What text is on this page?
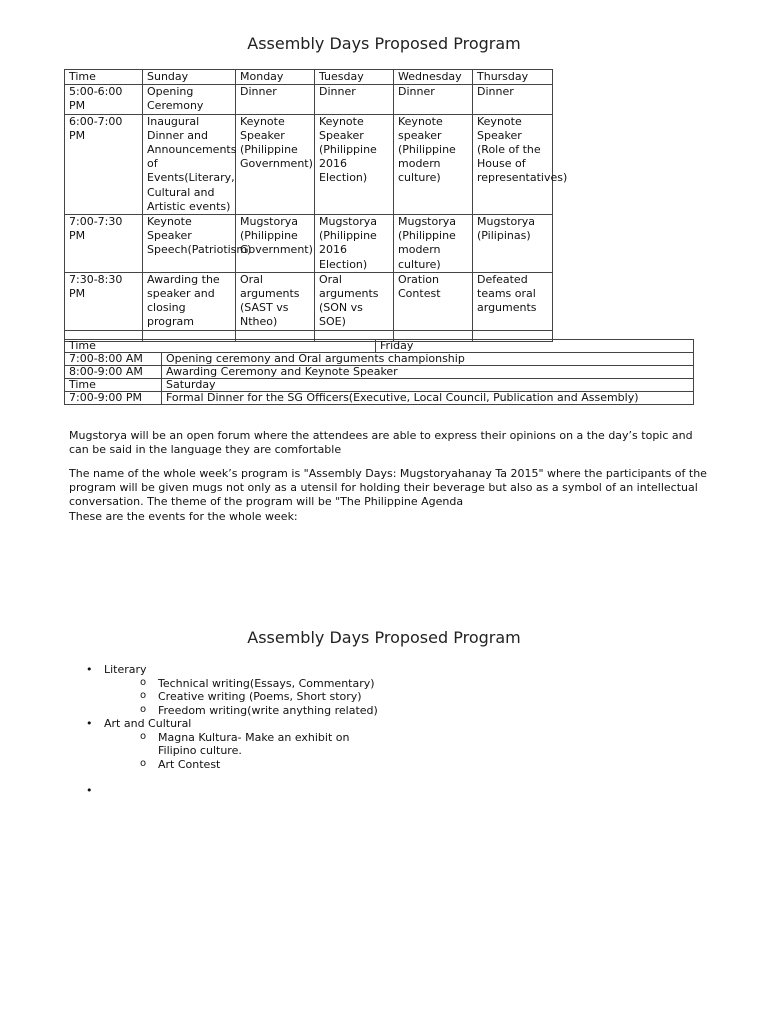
Assembly Days Proposed Program
Time	Sunday	Monday	Tuesday	Wednesday	Thursday
5:00-6:00 PM	Opening Ceremony	Dinner	Dinner	Dinner	Dinner
6:00-7:00 PM	Inaugural Dinner and Announcements of Events(Literary, Cultural and Artistic events)	Keynote Speaker (Philippine Government)	Keynote Speaker (Philippine 2016 Election)	Keynote speaker (Philippine modern culture)	Keynote Speaker (Role of the House of representatives)
7:00-7:30 PM	Keynote Speaker Speech(Patriotism)	Mugstorya (Philippine Government)	Mugstorya (Philippine 2016 Election)	Mugstorya (Philippine modern culture)	Mugstorya (Pilipinas)
7:30-8:30 PM	Awarding the speaker and closing program	Oral arguments (SAST vs Ntheo)	Oral arguments (SON vs SOE)	Oration Contest	Defeated teams oral arguments

Time		Friday
7:00-8:00 AM	Opening ceremony and Oral arguments championship	
8:00-9:00 AM	Awarding Ceremony and Keynote Speaker	
Time	Saturday	
7:00-9:00 PM	Formal Dinner for the SG Officers(Executive, Local Council, Publication and Assembly)	

Mugstorya will be an open forum where the attendees are able to express their opinions on a the day’s topic and can be said in the language they are comfortable

The name of the whole week’s program is "Assembly Days: Mugstoryahanay Ta 2015" where the participants of the program will be given mugs not only as a utensil for holding their beverage but also as a symbol of an intellectual conversation. The theme of the program will be "The Philippine Agenda

These are the events for the whole week:

Assembly Days Proposed Program
• Literary
o Technical writing(Essays, Commentary)
o Creative writing (Poems, Short story)
o Freedom writing(write anything related)
• Art and Cultural
o Magna Kultura- Make an exhibit on Filipino culture.
o Art Contest
•
